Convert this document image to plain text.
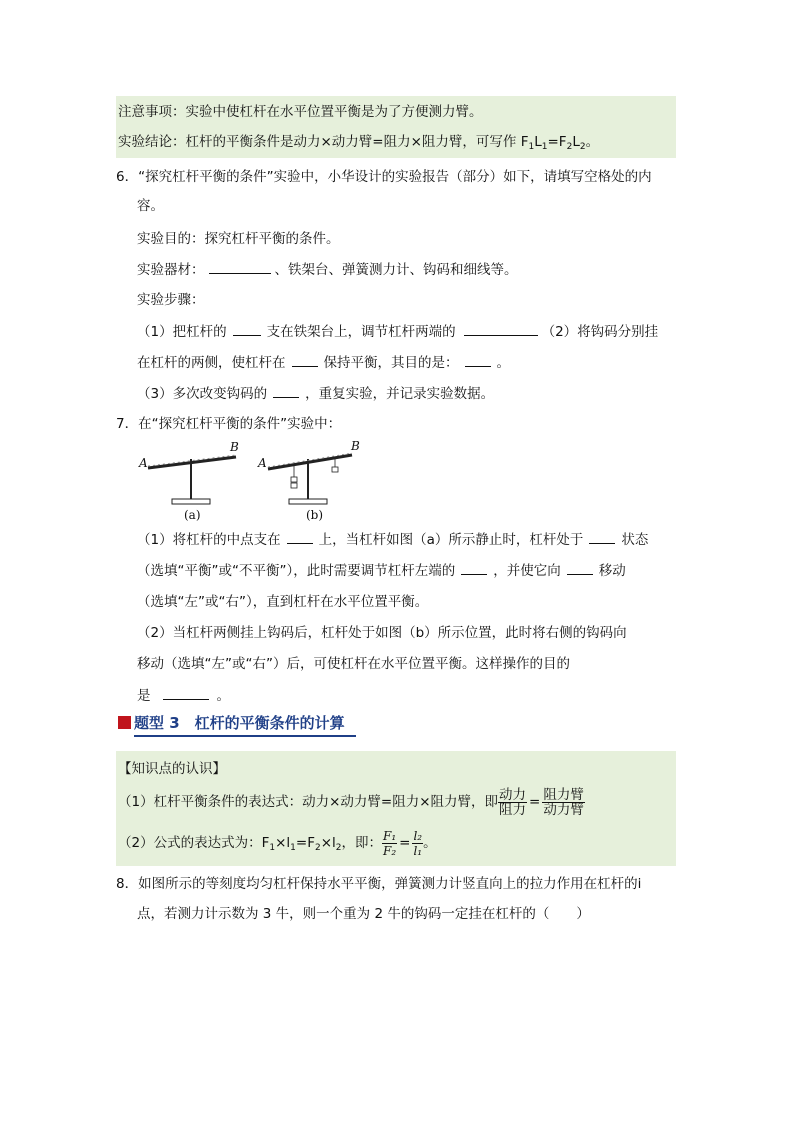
注意事项：实验中使杠杆在水平位置平衡是为了方便测力臂。
实验结论：杠杆的平衡条件是动力×动力臂=阻力×阻力臂，可写作 $F_1L_1=F_2L_2$。
6．“探究杠杆平衡的条件”实验中，小华设计的实验报告（部分）如下，请填写空格处的内
容。
实验目的：探究杠杆平衡的条件。
实验器材：	、铁架台、弹簧测力计、钩码和细线等。
实验步骤：
（1）把杠杆的	支在铁架台上，调节杠杆两端的	（2）将钩码分别挂
在杠杆的两侧，使杠杆在	保持平衡，其目的是：	。
（3）多次改变钩码的	，重复实验，并记录实验数据。
7．在“探究杠杆平衡的条件”实验中：
A
B
(a)
A
B
(b)
（1）将杠杆的中点支在	上，当杠杆如图（a）所示静止时，杠杆处于	状态
（选填“平衡”或“不平衡”），此时需要调节杠杆左端的	，并使它向	移动
（选填“左”或“右”），直到杠杆在水平位置平衡。
（2）当杠杆两侧挂上钩码后，杠杆处于如图（b）所示位置，此时将右侧的钩码向
移动（选填“左”或“右”）后，可使杠杆在水平位置平衡。这样操作的目的
是	。
题型 3　杠杆的平衡条件的计算
【知识点的认识】
（1）杠杆平衡条件的表达式：动力×动力臂=阻力×阻力臂，即 $\frac{\text{动力}}{\text{阻力}} = \frac{\text{阻力臂}}{\text{动力臂}}$
（2）公式的表达式为：$F_1\times l_1=F_2\times l_2$，即： $\frac{\text{F₁}}{\text{F₂}} = \frac{\text{l₂}}{\text{l₁}}$ 。
8．如图所示的等刻度均匀杠杆保持水平平衡，弹簧测力计竖直向上的拉力作用在杠杆的i
点，若测力计示数为 3 牛，则一个重为 2 牛的钩码一定挂在杠杆的（　　）
